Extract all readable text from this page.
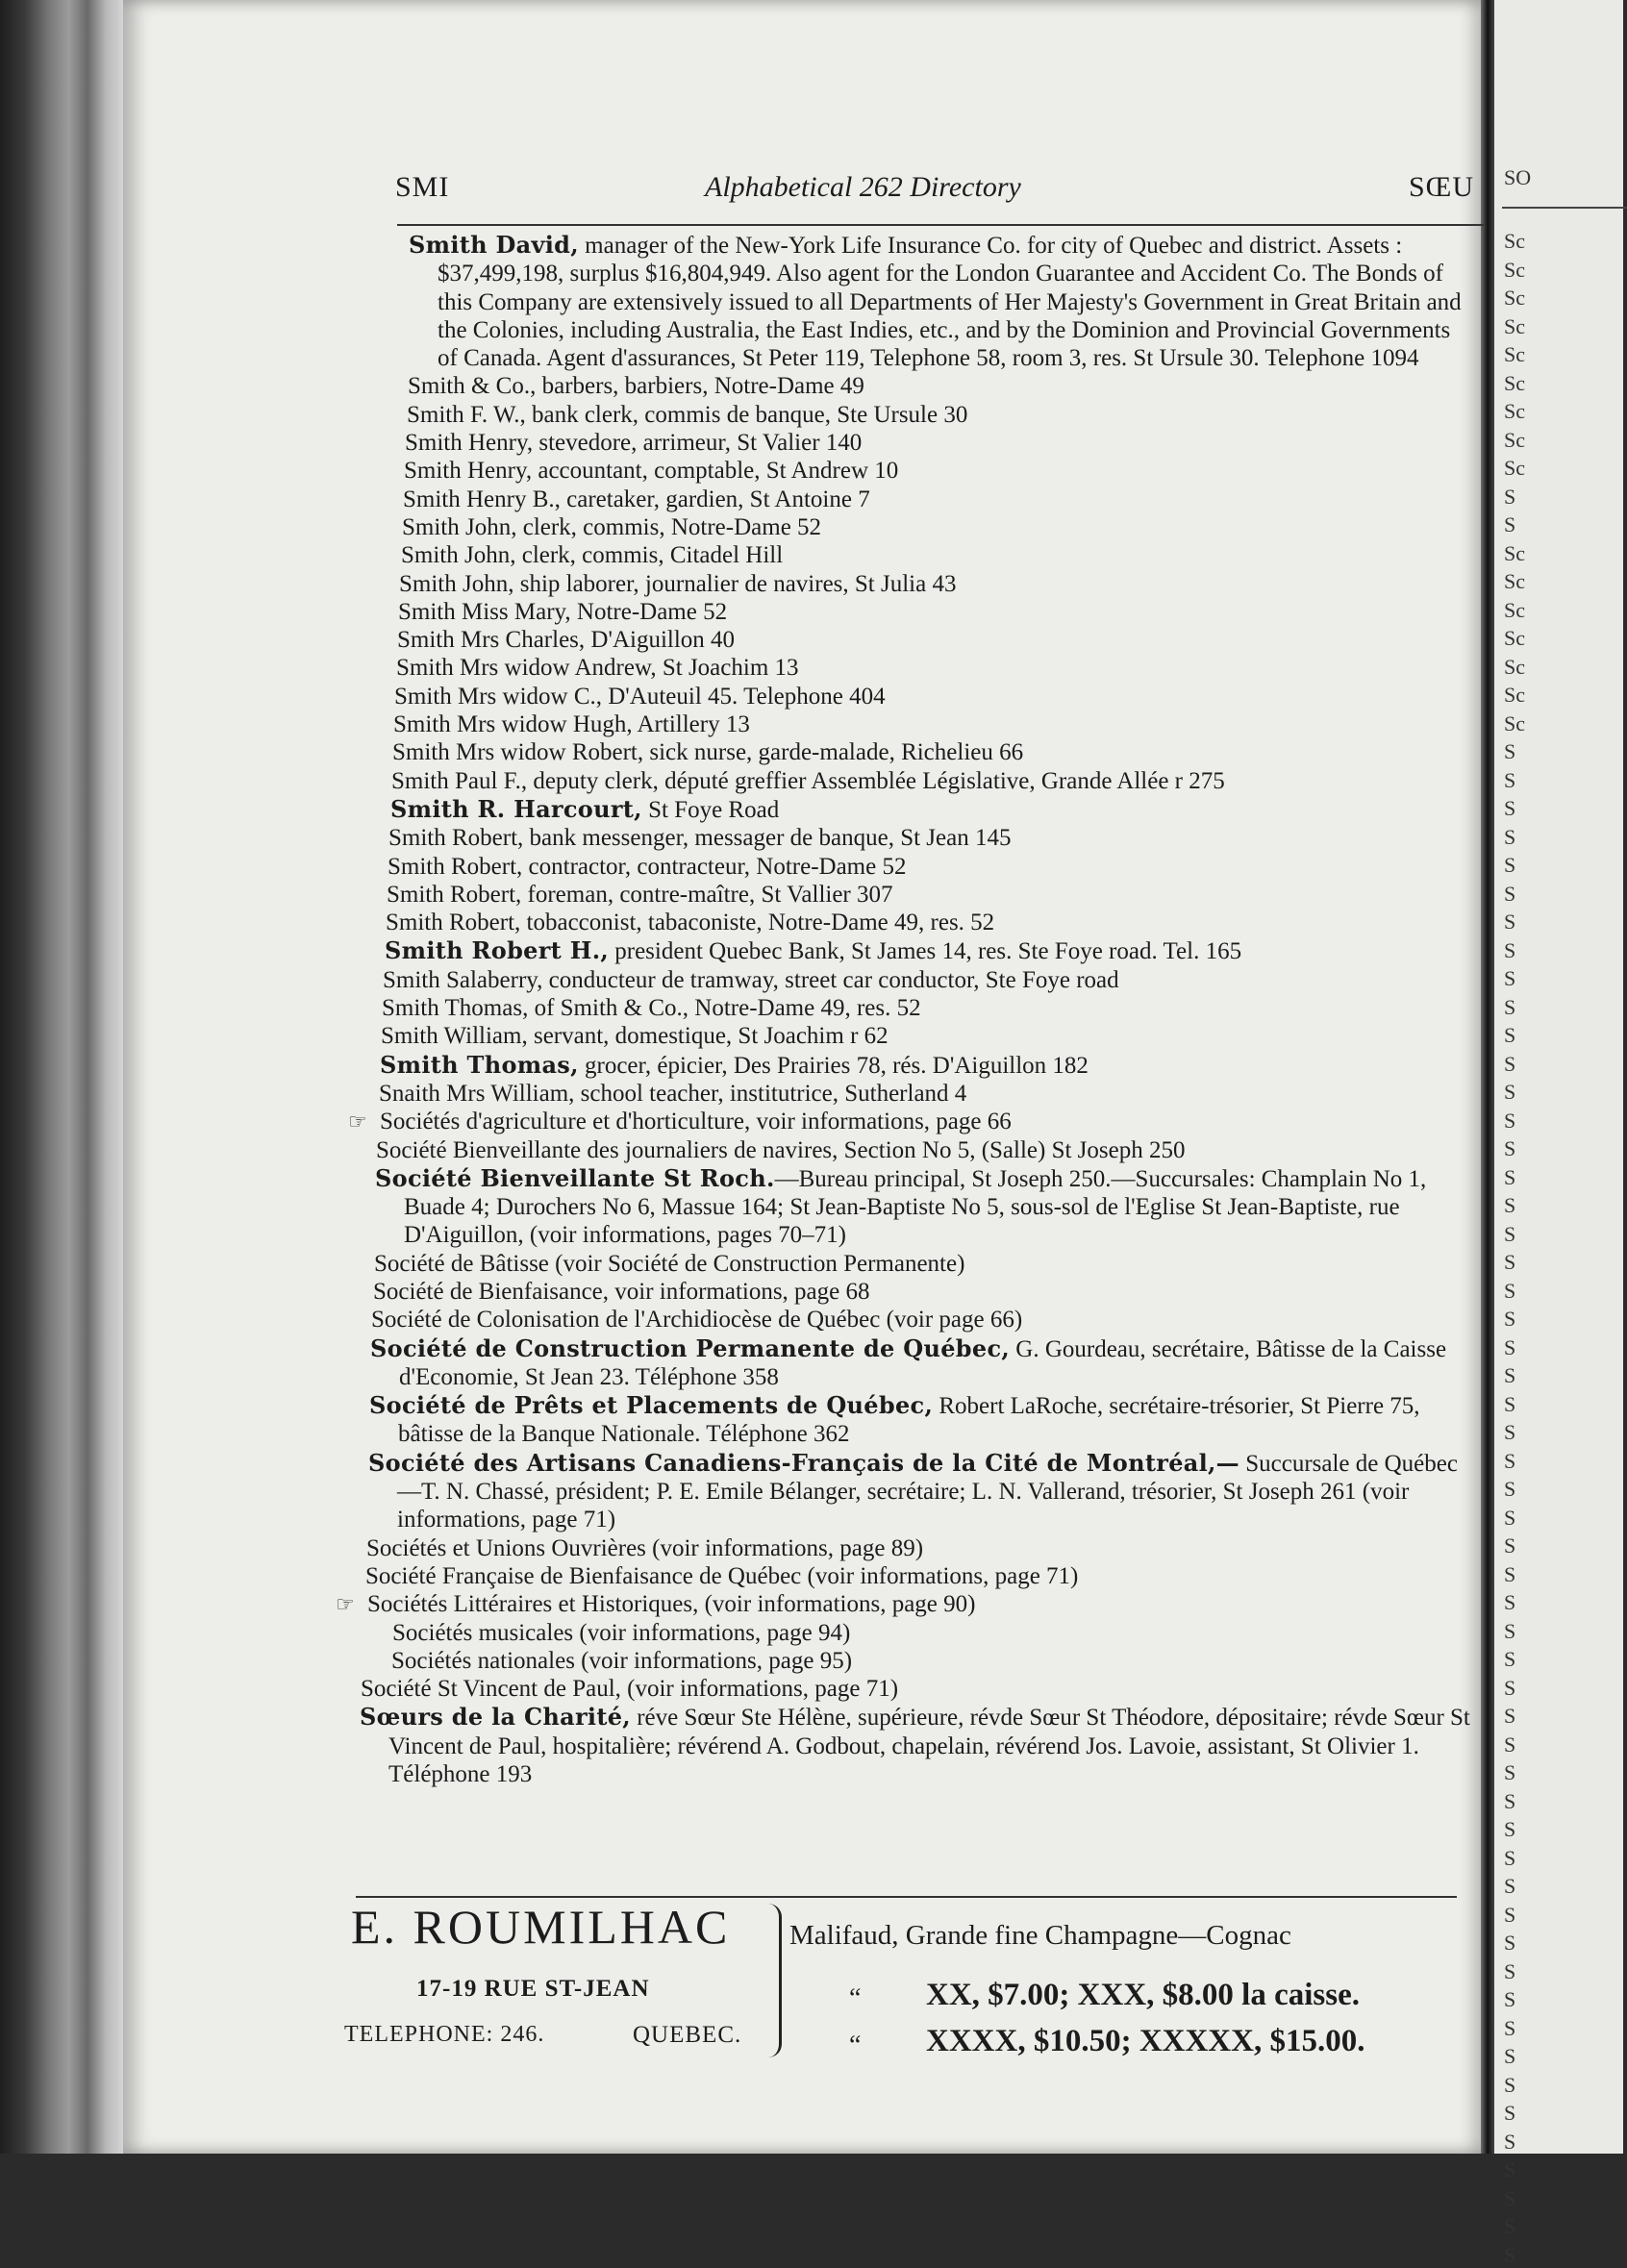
SO
Sc
Sc
Sc
Sc
Sc
Sc
Sc
Sc
Sc
S
S
Sc
Sc
Sc
Sc
Sc
Sc
Sc
S
S
S
S
S
S
S
S
S
S
S
S
S
S
S
S
S
S
S
S
S
S
S
S
S
S
S
S
S
S
S
S
S
S
S
S
S
S
S
S
S
S
S
S
S
S
S
S
S
S
S
S
S
S
SMI	Alphabetical 262 Directory	SŒU
Smith David, manager of the New-York Life Insurance Co. for city of Quebec and district. Assets : $37,499,198, surplus $16,804,949. Also agent for the London Guarantee and Accident Co. The Bonds of this Company are extensively issued to all Departments of Her Majesty's Government in Great Britain and the Colonies, including Australia, the East Indies, etc., and by the Dominion and Provincial Governments of Canada. Agent d'assurances, St Peter 119, Telephone 58, room 3, res. St Ursule 30. Telephone 1094
Smith & Co., barbers, barbiers, Notre-Dame 49
Smith F. W., bank clerk, commis de banque, Ste Ursule 30
Smith Henry, stevedore, arrimeur, St Valier 140
Smith Henry, accountant, comptable, St Andrew 10
Smith Henry B., caretaker, gardien, St Antoine 7
Smith John, clerk, commis, Notre-Dame 52
Smith John, clerk, commis, Citadel Hill
Smith John, ship laborer, journalier de navires, St Julia 43
Smith Miss Mary, Notre-Dame 52
Smith Mrs Charles, D'Aiguillon 40
Smith Mrs widow Andrew, St Joachim 13
Smith Mrs widow C., D'Auteuil 45. Telephone 404
Smith Mrs widow Hugh, Artillery 13
Smith Mrs widow Robert, sick nurse, garde-malade, Richelieu 66
Smith Paul F., deputy clerk, député greffier Assemblée Législative, Grande Allée r 275
Smith R. Harcourt, St Foye Road
Smith Robert, bank messenger, messager de banque, St Jean 145
Smith Robert, contractor, contracteur, Notre-Dame 52
Smith Robert, foreman, contre-maître, St Vallier 307
Smith Robert, tobacconist, tabaconiste, Notre-Dame 49, res. 52
Smith Robert H., president Quebec Bank, St James 14, res. Ste Foye road. Tel. 165
Smith Salaberry, conducteur de tramway, street car conductor, Ste Foye road
Smith Thomas, of Smith & Co., Notre-Dame 49, res. 52
Smith William, servant, domestique, St Joachim r 62
Smith Thomas, grocer, épicier, Des Prairies 78, rés. D'Aiguillon 182
Snaith Mrs William, school teacher, institutrice, Sutherland 4
☞ Sociétés d'agriculture et d'horticulture, voir informations, page 66
Société Bienveillante des journaliers de navires, Section No 5, (Salle) St Joseph 250
Société Bienveillante St Roch.—Bureau principal, St Joseph 250.—Succursales: Champlain No 1, Buade 4; Durochers No 6, Massue 164; St Jean-Baptiste No 5, sous-sol de l'Eglise St Jean-Baptiste, rue D'Aiguillon, (voir informations, pages 70–71)
Société de Bâtisse (voir Société de Construction Permanente)
Société de Bienfaisance, voir informations, page 68
Société de Colonisation de l'Archidiocèse de Québec (voir page 66)
Société de Construction Permanente de Québec, G. Gourdeau, secrétaire, Bâtisse de la Caisse d'Economie, St Jean 23. Téléphone 358
Société de Prêts et Placements de Québec, Robert LaRoche, secrétaire-trésorier, St Pierre 75, bâtisse de la Banque Nationale. Téléphone 362
Société des Artisans Canadiens-Français de la Cité de Montréal,— Succursale de Québec—T. N. Chassé, président; P. E. Emile Bélanger, secrétaire; L. N. Vallerand, trésorier, St Joseph 261 (voir informations, page 71)
Sociétés et Unions Ouvrières (voir informations, page 89)
Société Française de Bienfaisance de Québec (voir informations, page 71)
☞ Sociétés Littéraires et Historiques, (voir informations, page 90)
Sociétés musicales (voir informations, page 94)
Sociétés nationales (voir informations, page 95)
Société St Vincent de Paul, (voir informations, page 71)
Sœurs de la Charité, réve Sœur Ste Hélène, supérieure, révde Sœur St Théodore, dépositaire; révde Sœur St Vincent de Paul, hospitalière; révérend A. Godbout, chapelain, révérend Jos. Lavoie, assistant, St Olivier 1. Téléphone 193
E. ROUMILHAC
17-19 RUE ST-JEAN
TELEPHONE: 246.	QUEBEC.
Malifaud, Grande fine Champagne—Cognac
“ XX, $7.00; XXX, $8.00 la caisse.
“ XXXX, $10.50; XXXXX, $15.00.
